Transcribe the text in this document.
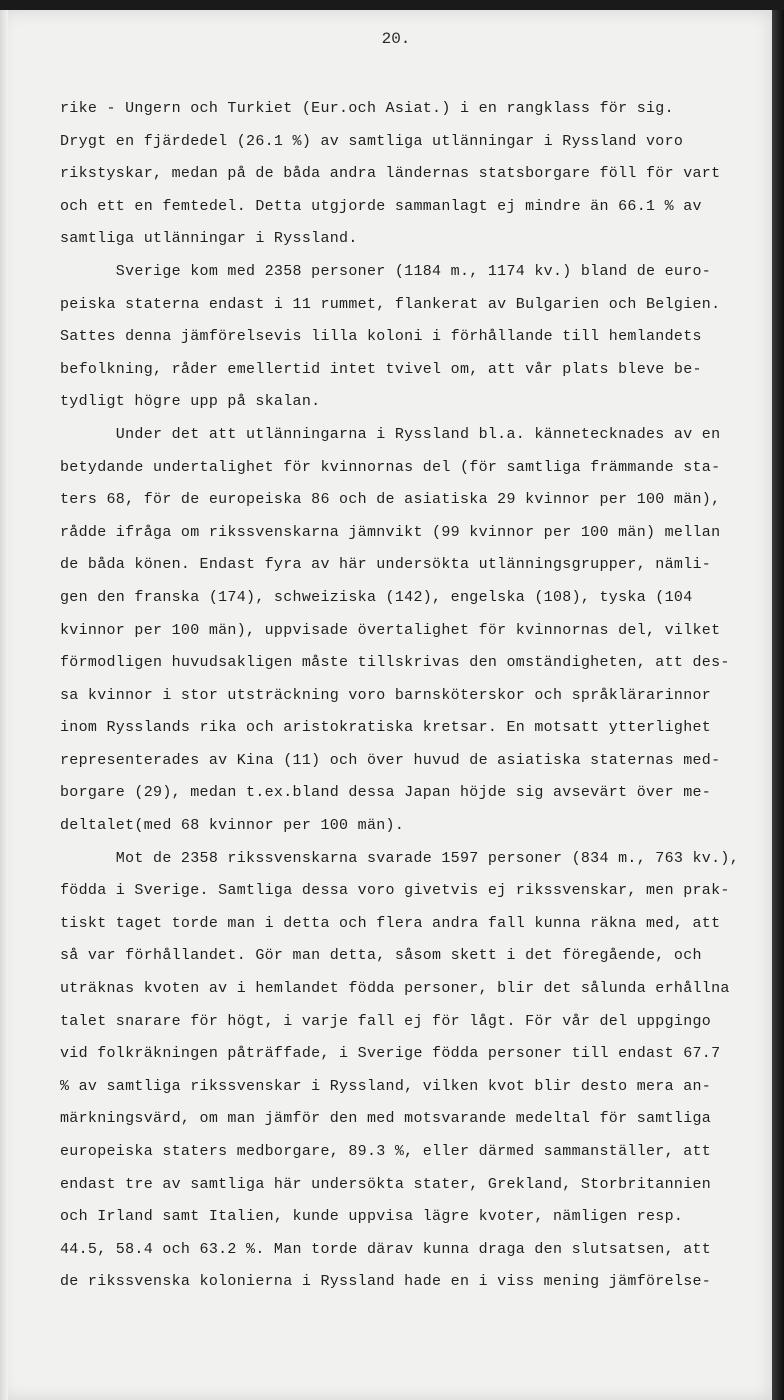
20.
rike - Ungern och Turkiet (Eur.och Asiat.) i en rangklass för sig.
Drygt en fjärdedel (26.1 %) av samtliga utlänningar i Ryssland voro
rikstyskar, medan på de båda andra ländernas statsborgare föll för vart
och ett en femtedel. Detta utgjorde sammanlagt ej mindre än 66.1 % av
samtliga utlänningar i Ryssland.
Sverige kom med 2358 personer (1184 m., 1174 kv.) bland de euro-
peiska staterna endast i 11 rummet, flankerat av Bulgarien och Belgien.
Sattes denna jämförelsevis lilla koloni i förhållande till hemlandets
befolkning, råder emellertid intet tvivel om, att vår plats bleve be-
tydligt högre upp på skalan.
Under det att utlänningarna i Ryssland bl.a. kännetecknades av en
betydande undertalighet för kvinnornas del (för samtliga främmande sta-
ters 68, för de europeiska 86 och de asiatiska 29 kvinnor per 100 män),
rådde ifråga om rikssvenskarna jämnvikt (99 kvinnor per 100 män) mellan
de båda könen. Endast fyra av här undersökta utlänningsgrupper, nämli-
gen den franska (174), schweiziska (142), engelska (108), tyska (104
kvinnor per 100 män), uppvisade övertalighet för kvinnornas del, vilket
förmodligen huvudsakligen måste tillskrivas den omständigheten, att des-
sa kvinnor i stor utsträckning voro barnsköterskor och språklärarinnor
inom Rysslands rika och aristokratiska kretsar. En motsatt ytterlighet
representerades av Kina (11) och över huvud de asiatiska staternas med-
borgare (29), medan t.ex.bland dessa Japan höjde sig avsevärt över me-
deltalet(med 68 kvinnor per 100 män).
Mot de 2358 rikssvenskarna svarade 1597 personer (834 m., 763 kv.),
födda i Sverige. Samtliga dessa voro givetvis ej rikssvenskar, men prak-
tiskt taget torde man i detta och flera andra fall kunna räkna med, att
så var förhållandet. Gör man detta, såsom skett i det föregående, och
uträknas kvoten av i hemlandet födda personer, blir det sålunda erhållna
talet snarare för högt, i varje fall ej för lågt. För vår del uppgingo
vid folkräkningen påträffade, i Sverige födda personer till endast 67.7
% av samtliga rikssvenskar i Ryssland, vilken kvot blir desto mera an-
märkningsvärd, om man jämför den med motsvarande medeltal för samtliga
europeiska staters medborgare, 89.3 %, eller därmed sammanställer, att
endast tre av samtliga här undersökta stater, Grekland, Storbritannien
och Irland samt Italien, kunde uppvisa lägre kvoter, nämligen resp.
44.5, 58.4 och 63.2 %. Man torde därav kunna draga den slutsatsen, att
de rikssvenska kolonierna i Ryssland hade en i viss mening jämförelse-
